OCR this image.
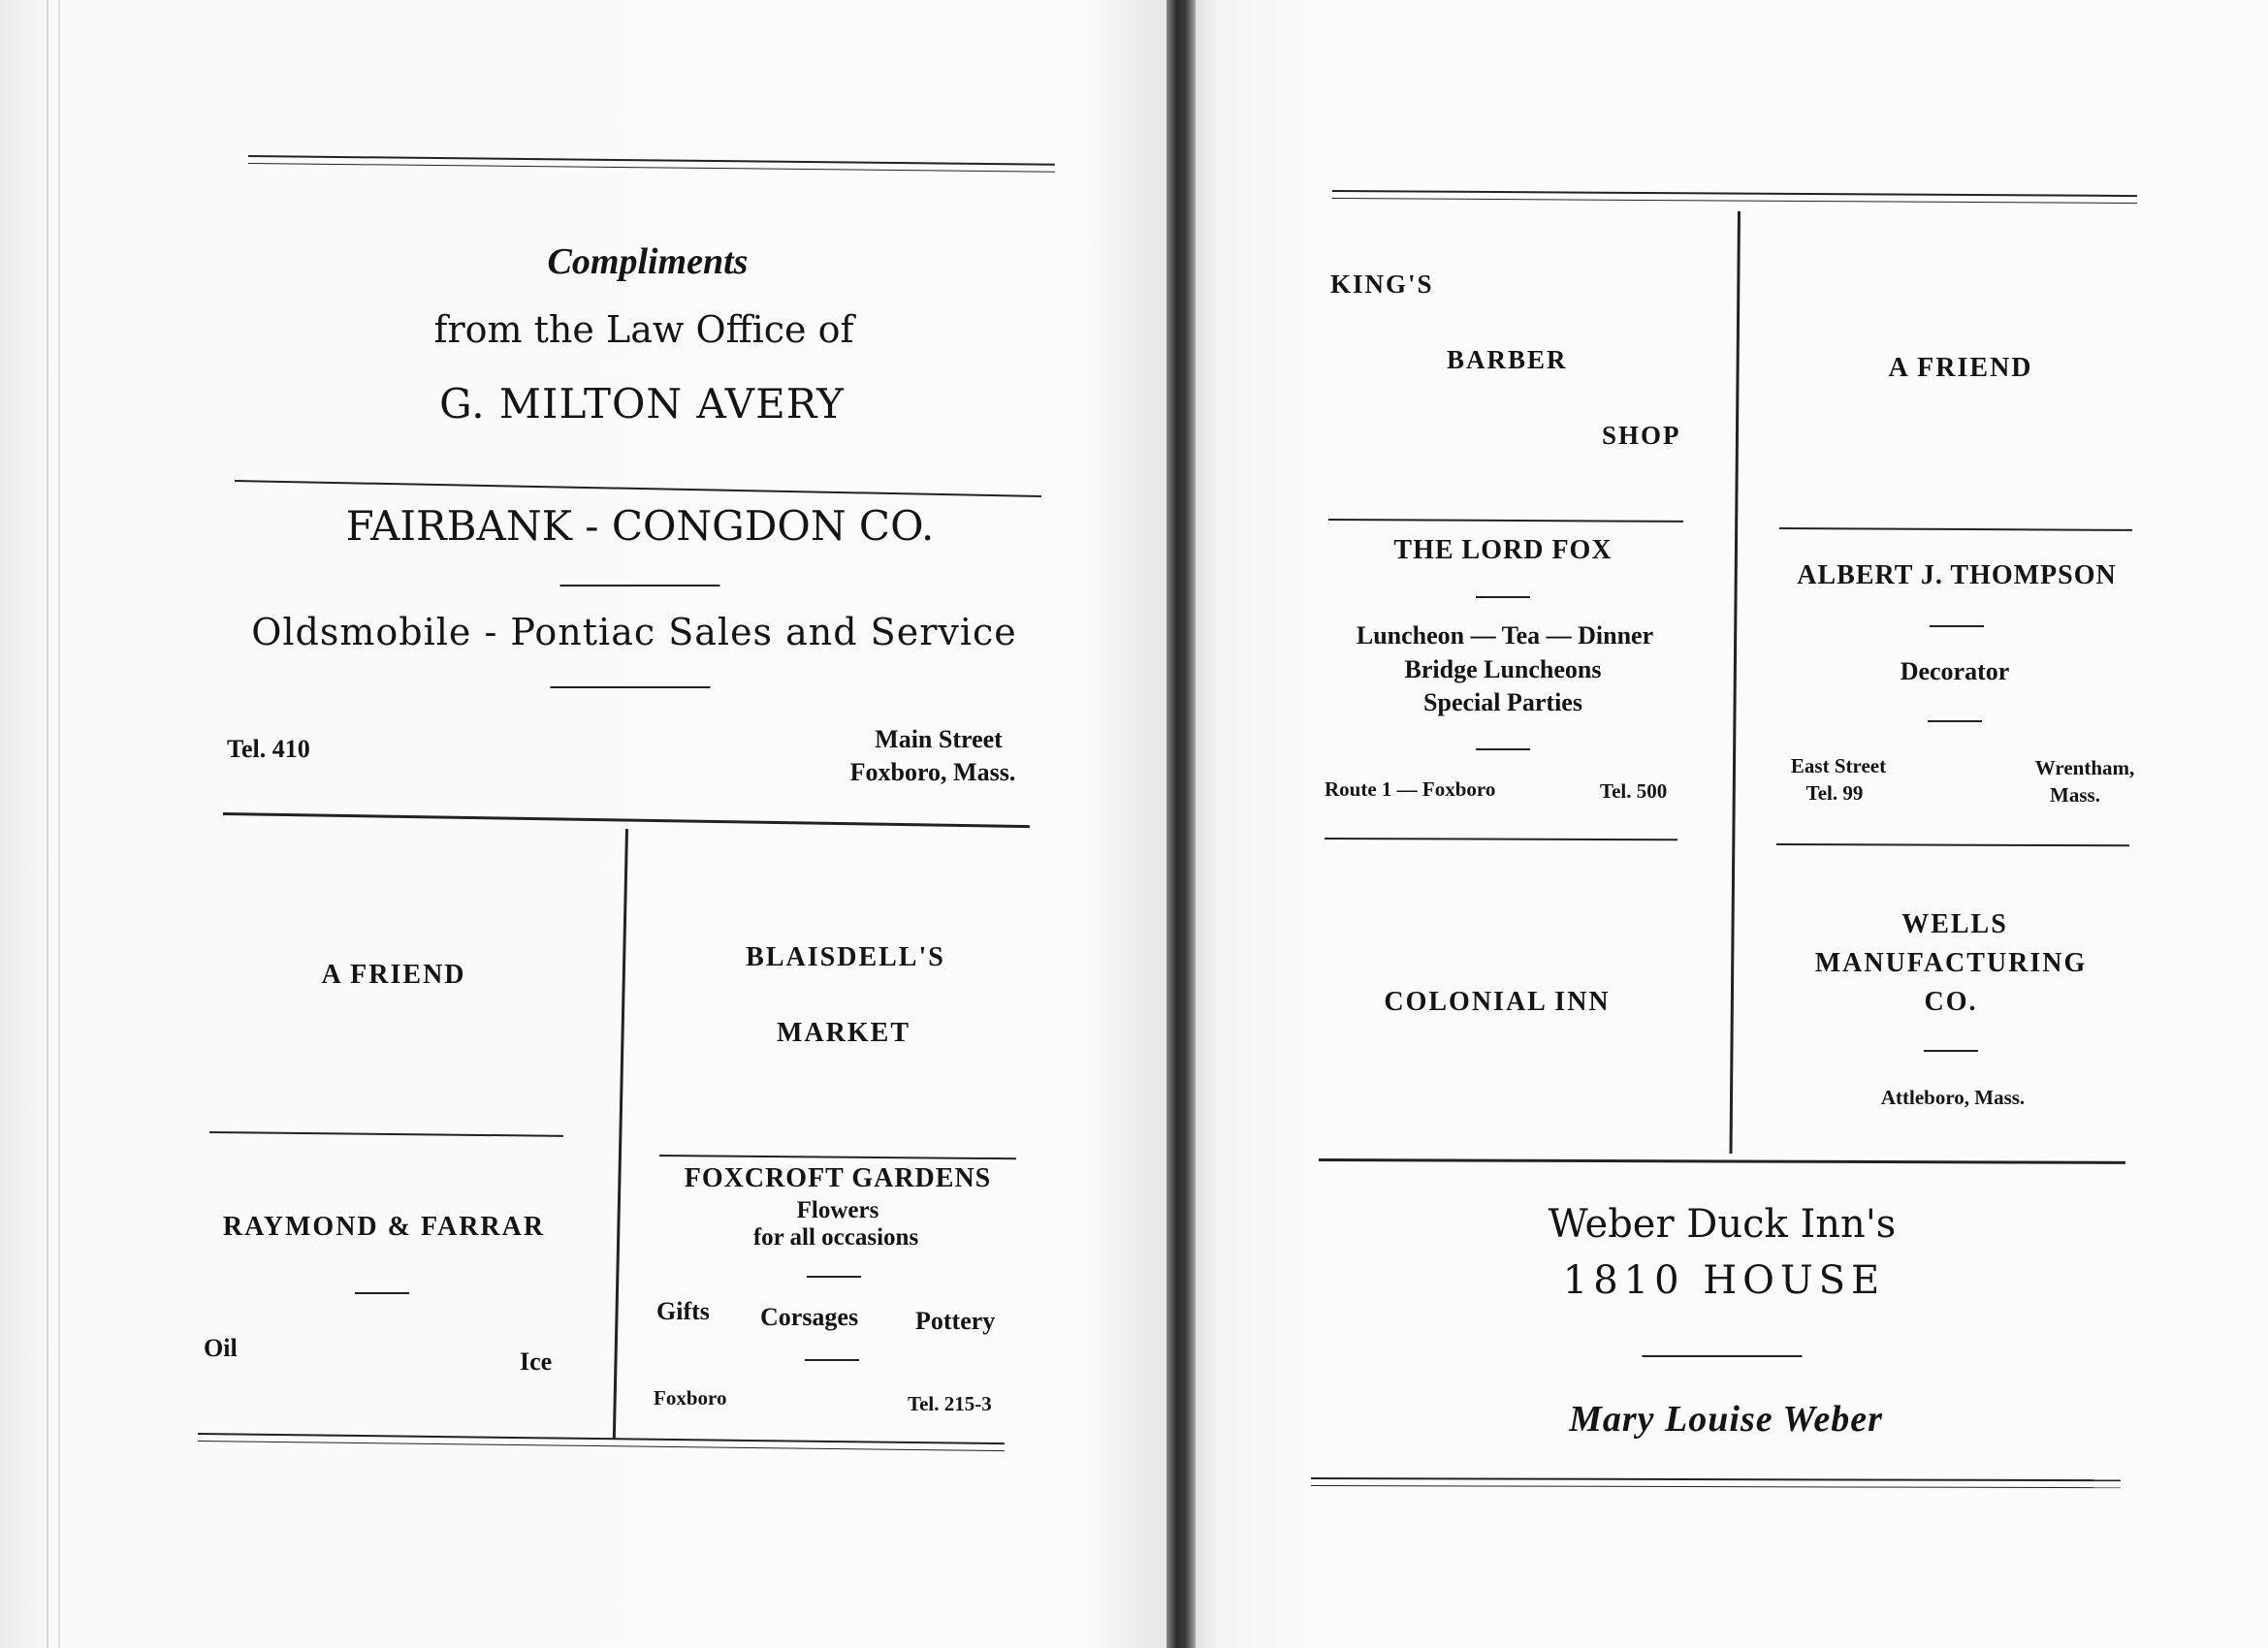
Compliments
from the Law Office of
G. MILTON AVERY
FAIRBANK - CONGDON CO.
Oldsmobile - Pontiac Sales and Service
Tel. 410	Main Street
Foxboro, Mass.
A FRIEND
BLAISDELL'S
MARKET
RAYMOND & FARRAR
Oil	Ice
FOXCROFT GARDENS
Flowers
for all occasions
Gifts Corsages Pottery
Foxboro	Tel. 215-3
KING'S
BARBER
SHOP
A FRIEND
THE LORD FOX
Luncheon — Tea — Dinner
Bridge Luncheons
Special Parties
Route 1 — Foxboro	Tel. 500
ALBERT J. THOMPSON
Decorator
East Street
Tel. 99
Wrentham,
Mass.
COLONIAL INN
WELLS
MANUFACTURING
CO.
Attleboro, Mass.
Weber Duck Inn's
1810 HOUSE
Mary Louise Weber
